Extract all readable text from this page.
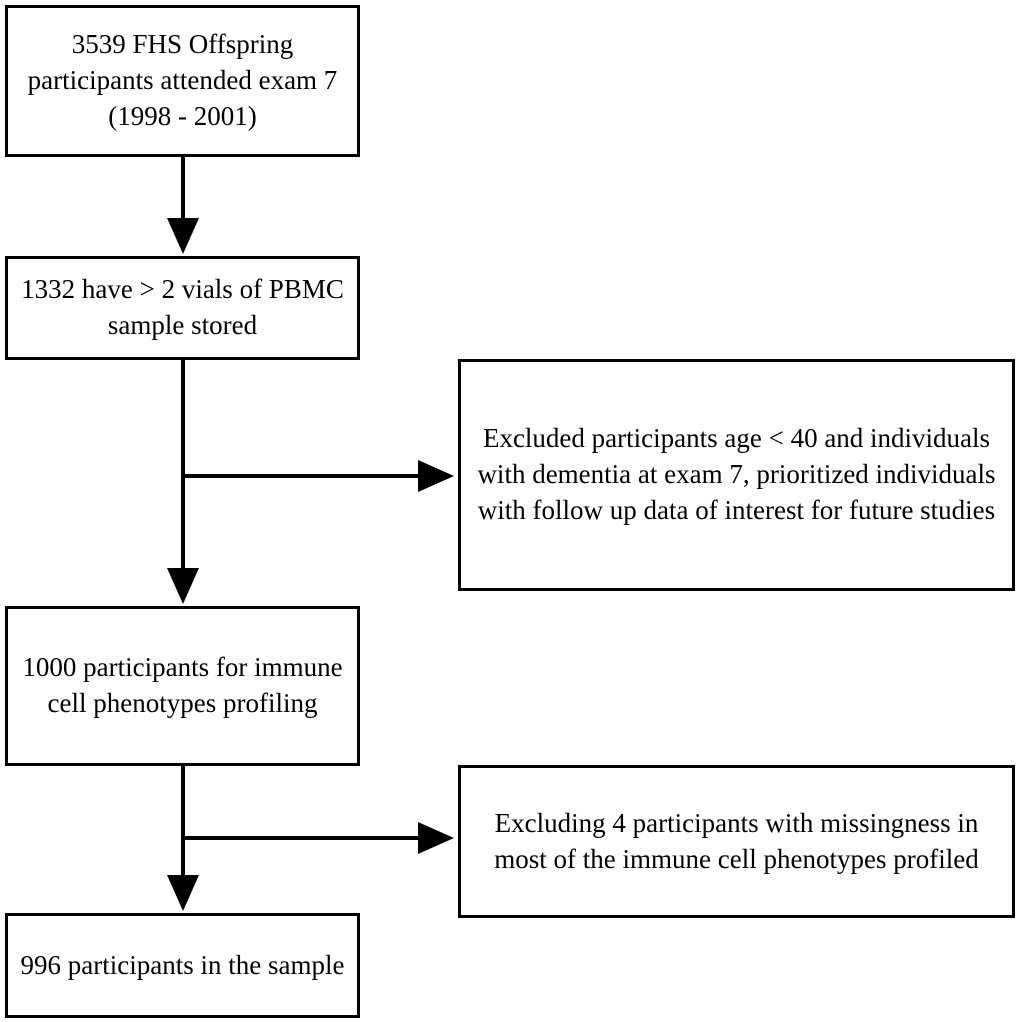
3539 FHS Offspring participants attended exam 7 (1998 - 2001)
1332 have > 2 vials of PBMC sample stored
Excluded participants age < 40 and individuals with dementia at exam 7, prioritized individuals with follow up data of interest for future studies
1000 participants for immune cell phenotypes profiling
Excluding 4 participants with missingness in most of the immune cell phenotypes profiled
996 participants in the sample
